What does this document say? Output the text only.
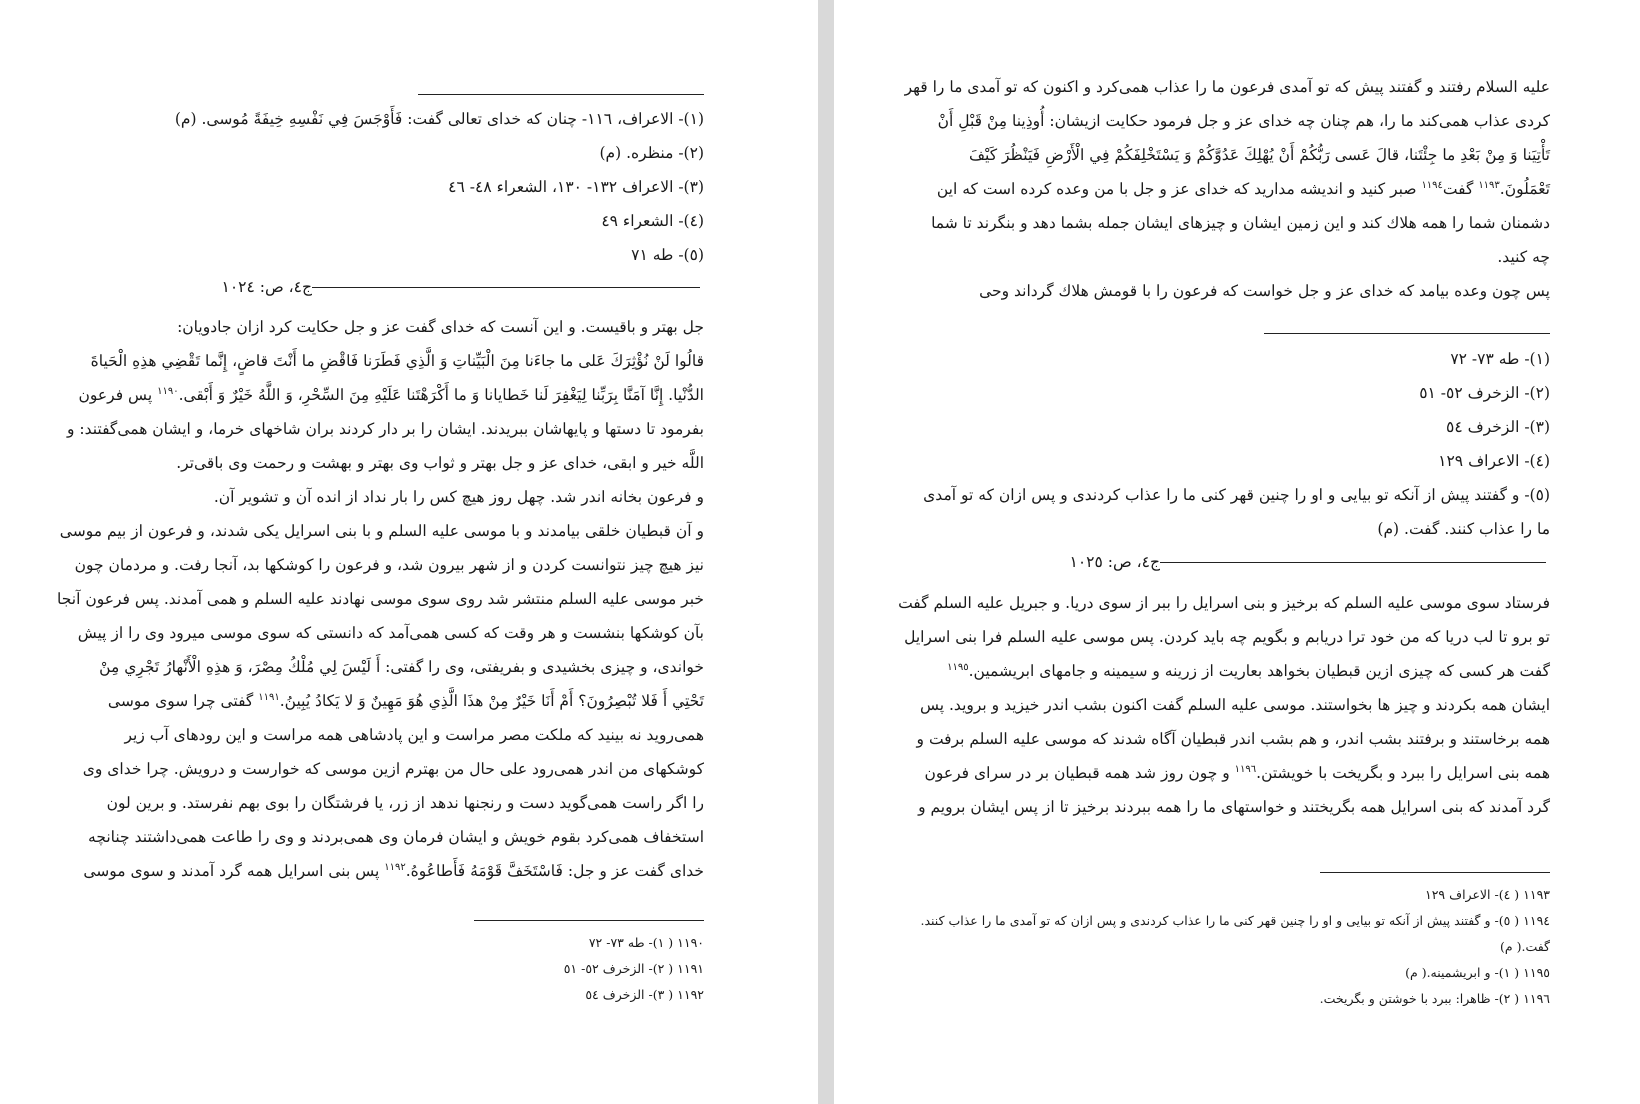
(١)- الاعراف، ١١٦- چنان كه خداى تعالى گفت: فَأَوْجَسَ فِي نَفْسِهِ خِيفَةً مُوسى. (م)
(٢)- منظره. (م)
(٣)- الاعراف ١٣٢- ١٣٠، الشعراء ٤٨- ٤٦
(٤)- الشعراء ٤٩
(٥)- طه ٧١
ج‏٤، ص: ١٠٢٤
جل بهتر و باقيست. و اين آنست كه خداى گفت عز و جل حكايت كرد ازان جادويان:
قالُوا لَنْ نُؤْثِرَكَ عَلى‏ ما جاءَنا مِنَ الْبَيِّناتِ وَ الَّذِي فَطَرَنا فَاقْضِ ما أَنْتَ قاضٍ، إِنَّما تَقْضِي هذِهِ الْحَياةَ
الدُّنْيا. إِنَّا آمَنَّا بِرَبِّنا لِيَغْفِرَ لَنا خَطايانا وَ ما أَكْرَهْتَنا عَلَيْهِ مِنَ السِّحْرِ، وَ اللَّهُ خَيْرٌ وَ أَبْقى‏.$^{١١٩٠}$ پس فرعون
بفرمود تا دستها و پايهاشان ببريدند. ايشان را بر دار كردند بران شاخهاى خرما، و ايشان همى‌گفتند: و
اللَّه خير و ابقى، خداى عز و جل بهتر و ثواب وى بهتر و بهشت و رحمت وى باقى‌تر.
و فرعون بخانه اندر شد. چهل روز هيچ كس را بار نداد از انده آن و تشوير آن.
و آن قبطيان خلقى بيامدند و با موسى عليه السلم و با بنى اسرايل يكى شدند، و فرعون از بيم موسى
نيز هيچ چيز نتوانست كردن و از شهر بيرون شد، و فرعون را كوشكها بد، آنجا رفت. و مردمان چون
خبر موسى عليه السلم منتشر شد روى سوى موسى نهادند عليه السلم و همى آمدند. پس فرعون آنجا
بآن كوشكها بنشست و هر وقت كه كسى همى‌آمد كه دانستى كه سوى موسى ميرود وى را از پيش
خواندى، و چيزى بخشيدى و بفريفتى، وى را گفتى: أَ لَيْسَ لِي مُلْكُ مِصْرَ، وَ هذِهِ الْأَنْهارُ تَجْرِي مِنْ
تَحْتِي أَ فَلا تُبْصِرُونَ؟ أَمْ أَنَا خَيْرٌ مِنْ هذَا الَّذِي هُوَ مَهِينٌ وَ لا يَكادُ يُبِينُ.$^{١١٩١}$ گفتى چرا سوى موسى
همى‌رويد نه بينيد كه ملكت مصر مراست و اين پادشاهى همه مراست و اين رودهاى آب زير
كوشكهاى من اندر همى‌رود على حال من بهترم ازين موسى كه خوارست و درويش. چرا خداى وى
را اگر راست همى‌گويد دست و رنجنها ندهد از زر، يا فرشتگان را بوى بهم نفرستد. و برين لون
استخفاف همى‌كرد بقوم خويش و ايشان فرمان وى همى‌بردند و وى را طاعت همى‌داشتند چنانچه
خداى گفت عز و جل: فَاسْتَخَفَّ قَوْمَهُ فَأَطاعُوهُ.$^{١١٩٢}$ پس بنى اسرايل همه گرد آمدند و سوى موسى
١١٩٠ ( ١)- طه ٧٣- ٧٢
١١٩١ ( ٢)- الزخرف ٥٢- ٥١
١١٩٢ ( ٣)- الزخرف ٥٤
عليه السلام رفتند و گفتند پيش كه تو آمدى فرعون ما را عذاب همى‌كرد و اكنون كه تو آمدى ما را قهر
كردى عذاب همى‌كند ما را، هم چنان چه خداى عز و جل فرمود حكايت ازيشان: أُوذِينا مِنْ قَبْلِ أَنْ
تَأْتِيَنا وَ مِنْ بَعْدِ ما جِئْتَنا، قالَ عَسى‏ رَبُّكُمْ أَنْ يُهْلِكَ عَدُوَّكُمْ وَ يَسْتَخْلِفَكُمْ فِي الْأَرْضِ فَيَنْظُرَ كَيْفَ
تَعْمَلُونَ.$^{١١٩٣}$ گفت$^{١١٩٤}$ صبر كنيد و انديشه مداريد كه خداى عز و جل با من وعده كرده است كه اين
دشمنان شما را همه هلاك كند و اين زمين ايشان و چيزهاى ايشان جمله بشما دهد و بنگرند تا شما
چه كنيد.
پس چون وعده بيامد كه خداى عز و جل خواست كه فرعون را با قومش هلاك گرداند وحى
(١)- طه ٧٣- ٧٢
(٢)- الزخرف ٥٢- ٥١
(٣)- الزخرف ٥٤
(٤)- الاعراف ١٢٩
(٥)- و گفتند پيش از آنكه تو بيايى و او را چنين قهر كنى ما را عذاب كردندى و پس ازان كه تو آمدى
ما را عذاب كنند. گفت. (م)
ج‏٤، ص: ١٠٢٥
فرستاد سوى موسى عليه السلم كه برخيز و بنى اسرايل را ببر از سوى دريا. و جبريل عليه السلم گفت
تو برو تا لب دريا كه من خود ترا دريابم و بگويم چه بايد كردن. پس موسى عليه السلم فرا بنى اسرايل
گفت هر كسى كه چيزى ازين قبطيان بخواهد بعاريت از زرينه و سيمينه و جامهاى ابريشمين.$^{١١٩٥}$
ايشان همه بكردند و چيز ها بخواستند. موسى عليه السلم گفت اكنون بشب اندر خيزيد و برويد. پس
همه برخاستند و برفتند بشب اندر، و هم بشب اندر قبطيان آگاه شدند كه موسى عليه السلم برفت و
همه بنى اسرايل را ببرد و بگريخت با خويشتن.$^{١١٩٦}$ و چون روز شد همه قبطيان بر در سراى فرعون
گرد آمدند كه بنى اسرايل همه بگريختند و خواستهاى ما را همه ببردند برخيز تا از پس ايشان برويم و
١١٩٣ ( ٤)- الاعراف ١٢٩
١١٩٤ ( ٥)- و گفتند پيش از آنكه تو بيايى و او را چنين قهر كنى ما را عذاب كردندى و پس ازان كه تو آمدى ما را عذاب كنند.
گفت.( م)
١١٩٥ ( ١)- و ابريشمينه.( م)
١١٩٦ ( ٢)- ظاهرا: ببرد با خوشتن و بگريخت.
